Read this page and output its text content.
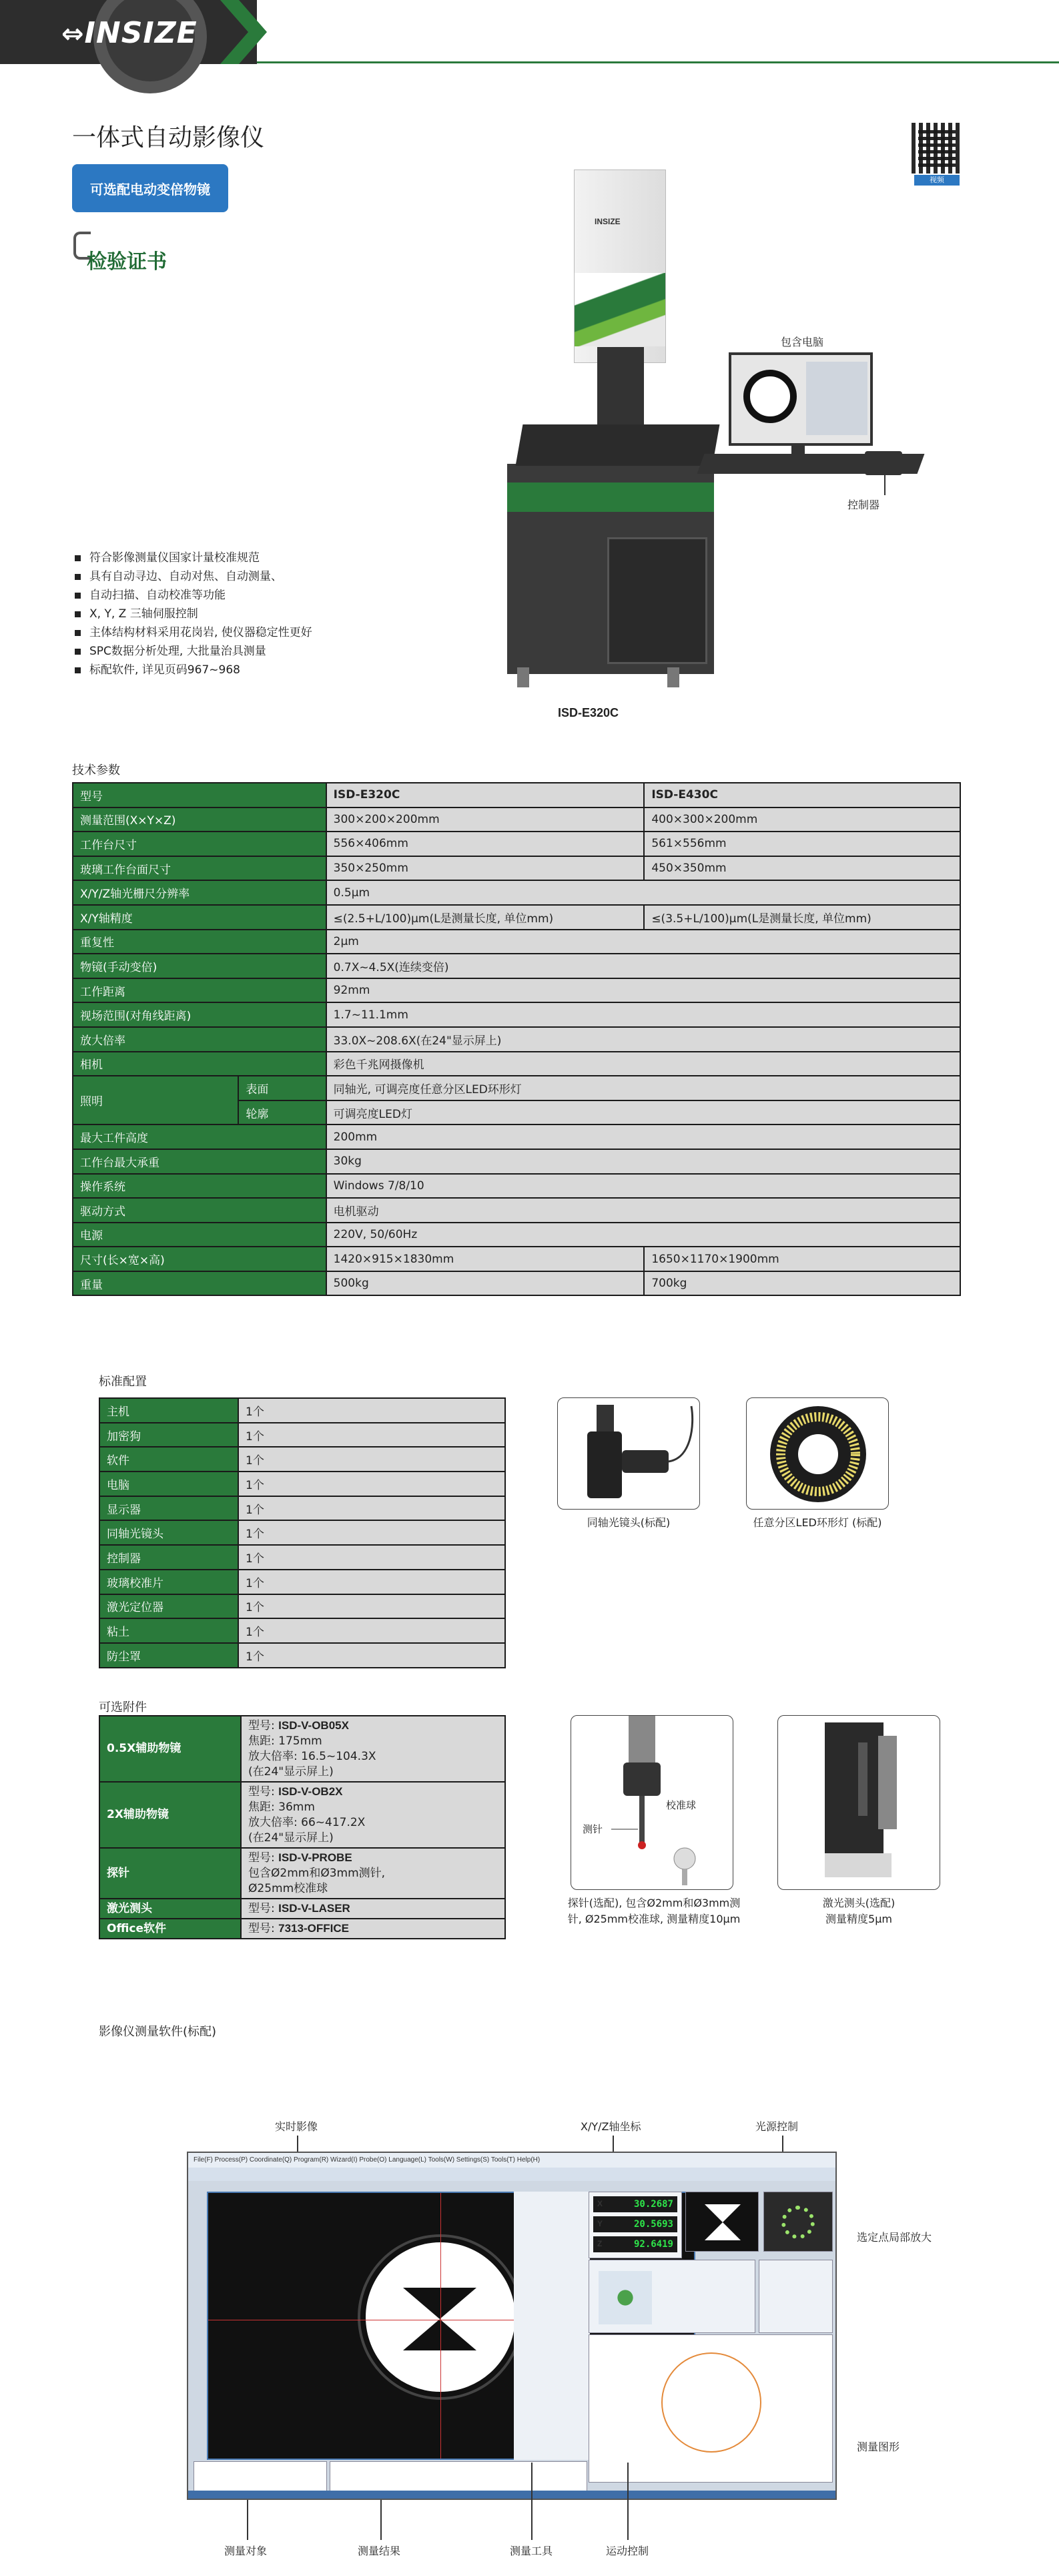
⇔INSIZE
一体式自动影像仪
可选配电动变倍物镜
检验证书
视频
INSIZE
包含电脑
控制器
ISD-E320C
符合影像测量仪国家计量校准规范
具有自动寻边、自动对焦、自动测量、
自动扫描、自动校准等功能
X, Y, Z 三轴伺服控制
主体结构材料采用花岗岩, 使仪器稳定性更好
SPC数据分析处理, 大批量治具测量
标配软件, 详见页码967~968
技术参数
型号		ISD-E320C	ISD-E430C
测量范围(X×Y×Z)		300×200×200mm	400×300×200mm
工作台尺寸		556×406mm	561×556mm
玻璃工作台面尺寸		350×250mm	450×350mm
X/Y/Z轴光栅尺分辨率		0.5μm	
X/Y轴精度		≤(2.5+L/100)μm(L是测量长度, 单位mm)	≤(3.5+L/100)μm(L是测量长度, 单位mm)
重复性		2μm	
物镜(手动变倍)		0.7X~4.5X(连续变倍)	
工作距离		92mm	
视场范围(对角线距离)		1.7~11.1mm	
放大倍率		33.0X~208.6X(在24"显示屏上)	
相机		彩色千兆网摄像机	
照明	表面	同轴光, 可调亮度任意分区LED环形灯	
	轮廓	可调亮度LED灯	
最大工件高度		200mm	
工作台最大承重		30kg	
操作系统		Windows 7/8/10	
驱动方式		电机驱动	
电源		220V, 50/60Hz	
尺寸(长×宽×高)		1420×915×1830mm	1650×1170×1900mm
重量		500kg	700kg
标准配置
主机	1个
加密狗	1个
软件	1个
电脑	1个
显示器	1个
同轴光镜头	1个
控制器	1个
玻璃校准片	1个
激光定位器	1个
粘土	1个
防尘罩	1个
同轴光镜头(标配)	任意分区LED环形灯 (标配)
可选附件
0.5X辅助物镜	型号: ISD-V-OB05X
焦距: 175mm
放大倍率: 16.5~104.3X
(在24"显示屏上)

2X辅助物镜	型号: ISD-V-OB2X
焦距: 36mm
放大倍率: 66~417.2X
(在24"显示屏上)

探针	型号: ISD-V-PROBE
包含Ø2mm和Ø3mm测针,
Ø25mm校准球

激光测头	型号: ISD-V-LASER

Office软件	型号: 7313-OFFICE
测针
校准球
探针(选配), 包含Ø2mm和Ø3mm测
针, Ø25mm校准球, 测量精度10μm
激光测头(选配)
测量精度5μm
影像仪测量软件(标配)
实时影像	X/Y/Z轴坐标	光源控制
选定点局部放大
测量图形
File(F) Process(P) Coordinate(Q) Program(R) Wizard(I) Probe(O) Language(L) Tools(W) Settings(S) Tools(T) Help(H)
X	30.2687
Y	20.5693
Z	92.6419
测量对象	测量结果	测量工具	运动控制
